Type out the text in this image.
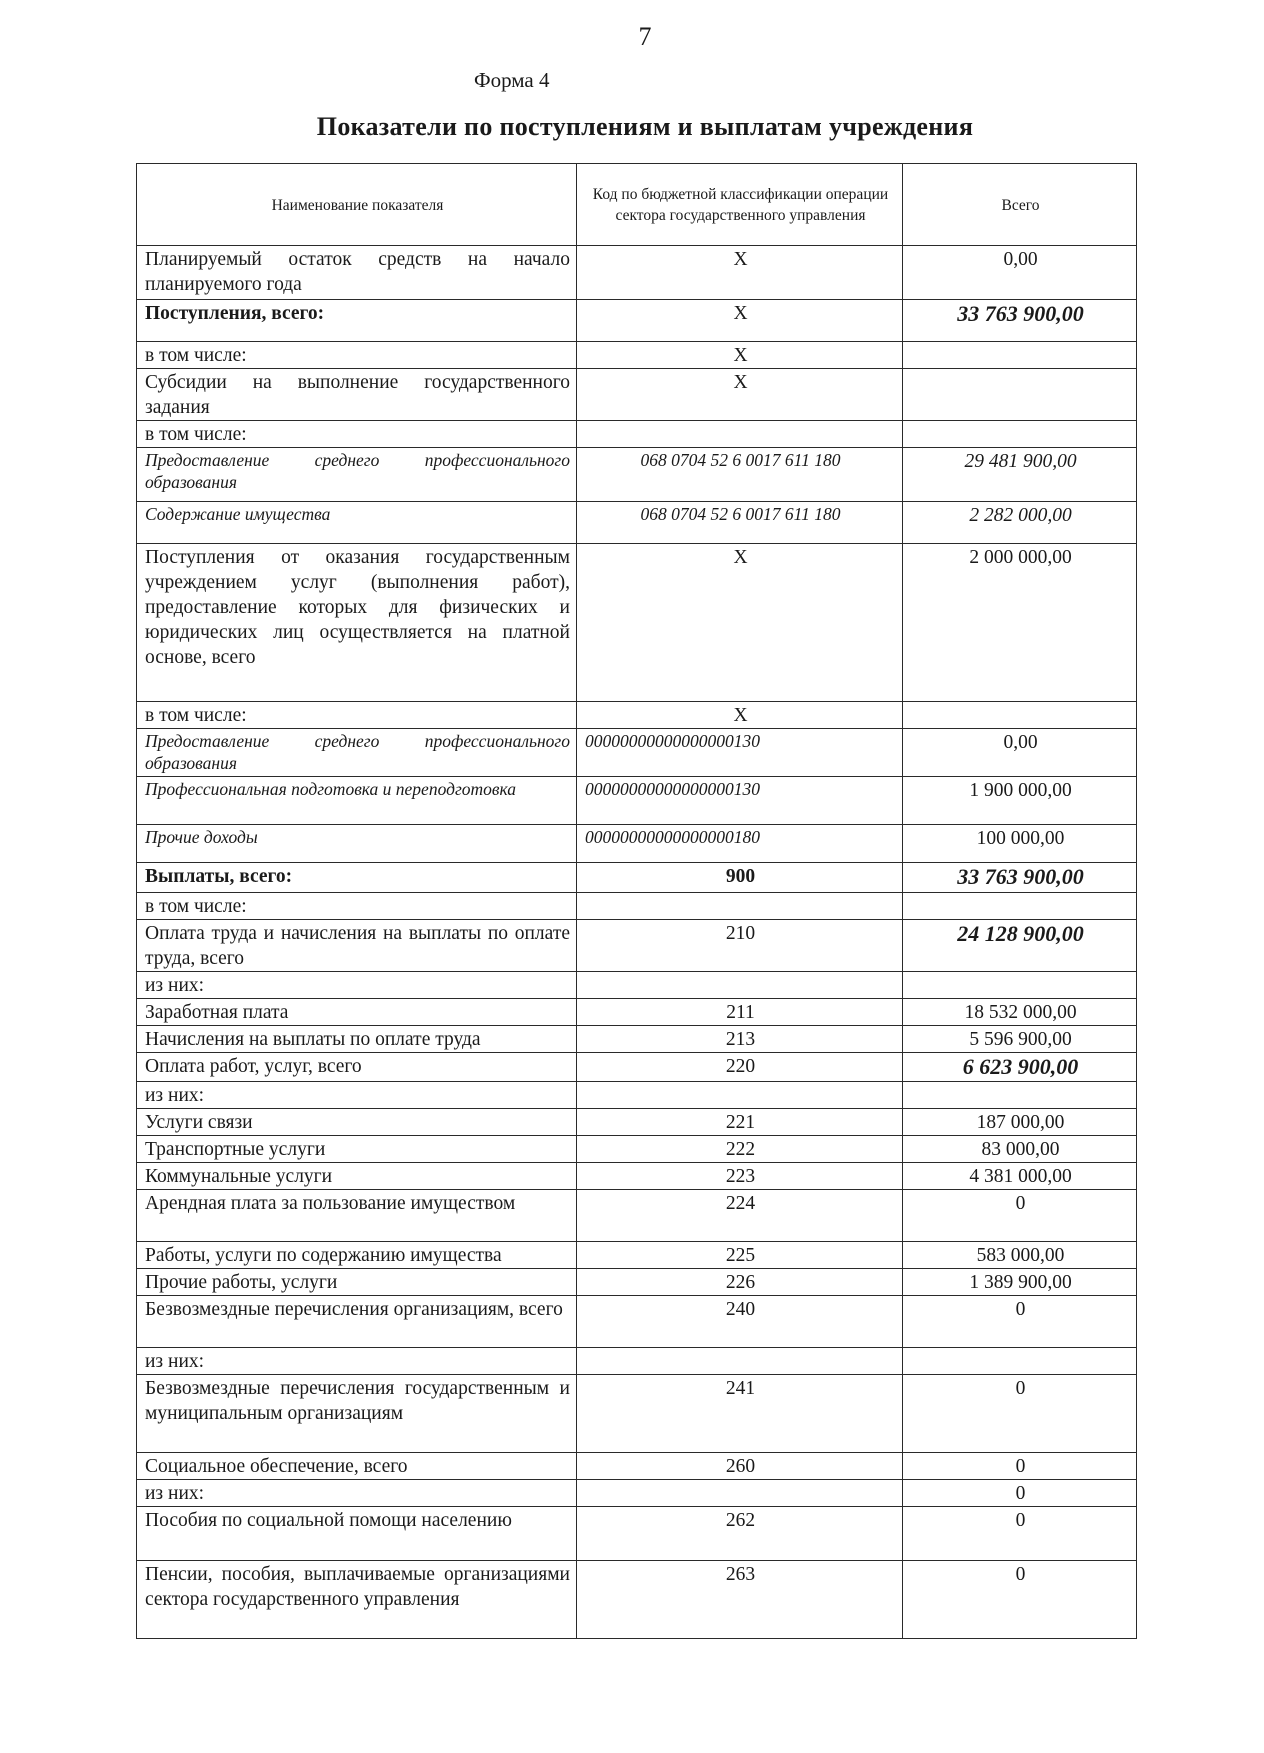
7
Форма 4
Показатели по поступлениям и выплатам учреждения
Наименование показателя	Код по бюджетной классификации операции сектора государственного управления	Всего
Планируемый остаток средств на начало планируемого года	X	0,00
Поступления, всего:	X	33 763 900,00
в том числе:	X	
Субсидии на выполнение государственного задания	X	
в том числе:		
Предоставление среднего профессионального образования	068 0704 52 6 0017 611 180	29 481 900,00
Содержание имущества	068 0704 52 6 0017 611 180	2 282 000,00
Поступления от оказания государственным учреждением услуг (выполнения работ), предоставление которых для физических и юридических лиц осуществляется на платной основе, всего	X	2 000 000,00
в том числе:	X	
Предоставление среднего профессионального образования	00000000000000000130	0,00
Профессиональная подготовка и переподготовка	00000000000000000130	1 900 000,00
Прочие доходы	00000000000000000180	100 000,00
Выплаты, всего:	900	33 763 900,00
в том числе:		
Оплата труда и начисления на выплаты по оплате труда, всего	210	24 128 900,00
из них:		
Заработная плата	211	18 532 000,00
Начисления на выплаты по оплате труда	213	5 596 900,00
Оплата работ, услуг, всего	220	6 623 900,00
из них:		
Услуги связи	221	187 000,00
Транспортные услуги	222	83 000,00
Коммунальные услуги	223	4 381 000,00
Арендная плата за пользование имуществом	224	0
Работы, услуги по содержанию имущества	225	583 000,00
Прочие работы, услуги	226	1 389 900,00
Безвозмездные перечисления организациям, всего	240	0
из них:		
Безвозмездные перечисления государственным и муниципальным организациям	241	0
Социальное обеспечение, всего	260	0
из них:		0
Пособия по социальной помощи населению	262	0
Пенсии, пособия, выплачиваемые организациями сектора государственного управления	263	0
